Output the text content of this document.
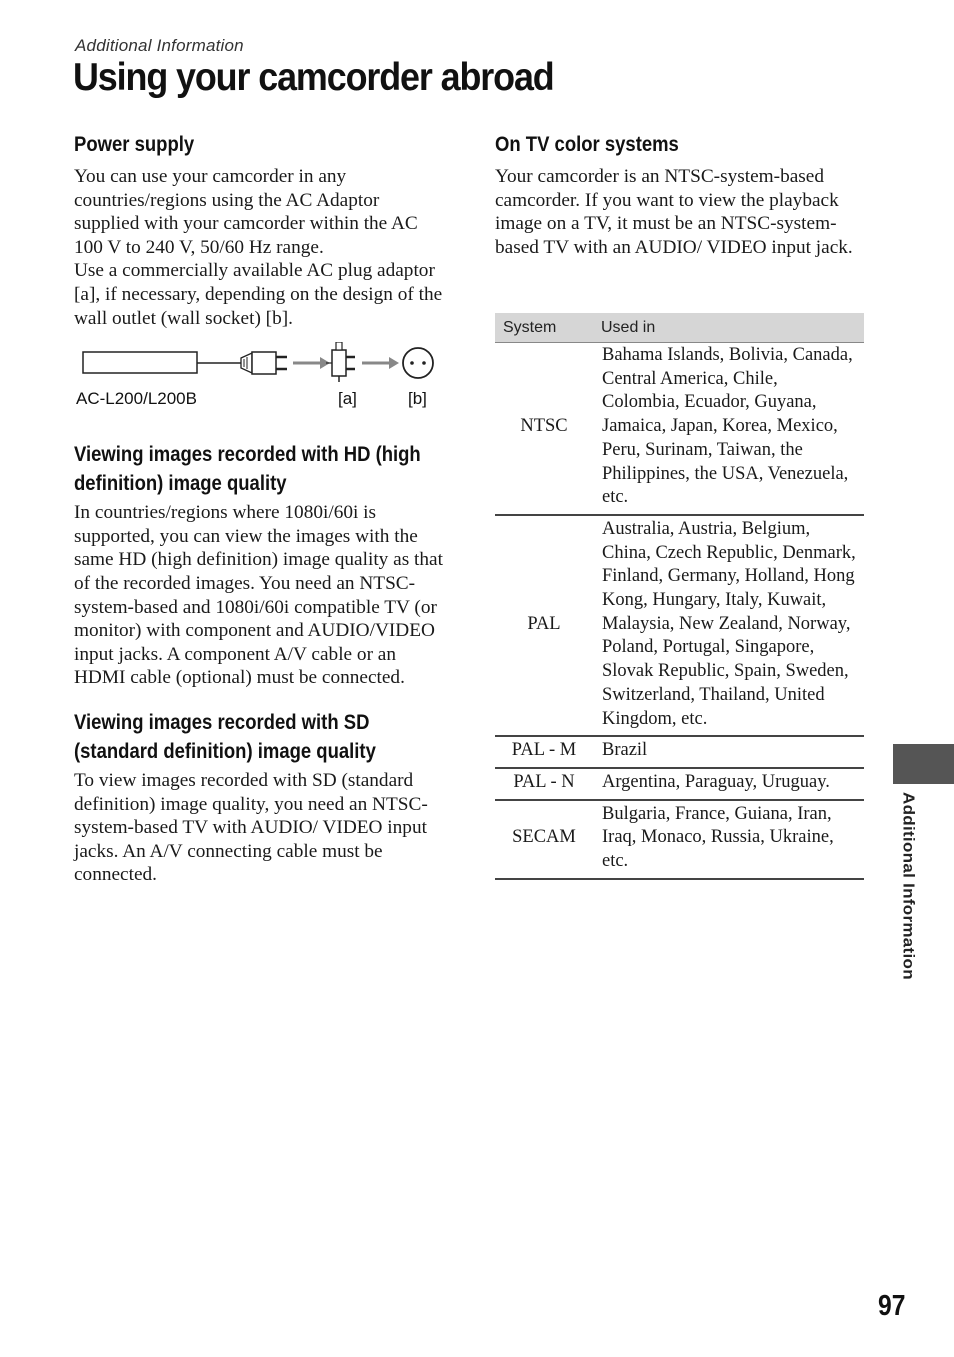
Additional Information
Using your camcorder abroad
Power supply

You can use your camcorder in any countries/regions using the AC Adaptor supplied with your camcorder within the AC 100 V to 240 V, 50/60 Hz range.
Use a commercially available AC plug adaptor [a], if necessary, depending on the design of the wall outlet (wall socket) [b].

AC-L200/L200B	[a]	[b]
Viewing images recorded with HD (high definition) image quality

In countries/regions where 1080i/60i is supported, you can view the images with the same HD (high definition) image quality as that of the recorded images. You need an NTSC-system-based and 1080i/60i compatible TV (or monitor) with component and AUDIO/VIDEO input jacks. A component A/V cable or an HDMI cable (optional) must be connected.

Viewing images recorded with SD (standard definition) image quality

To view images recorded with SD (standard definition) image quality, you need an NTSC-system-based TV with AUDIO/ VIDEO input jacks. An A/V connecting cable must be connected.

On TV color systems

Your camcorder is an NTSC-system-based camcorder. If you want to view the playback image on a TV, it must be an NTSC-system-based TV with an AUDIO/ VIDEO input jack.

System	Used in
NTSC	Bahama Islands, Bolivia, Canada, Central America, Chile, Colombia, Ecuador, Guyana, Jamaica, Japan, Korea, Mexico, Peru, Surinam, Taiwan, the Philippines, the USA, Venezuela, etc.
PAL	Australia, Austria, Belgium, China, Czech Republic, Denmark, Finland, Germany, Holland, Hong Kong, Hungary, Italy, Kuwait, Malaysia, New Zealand, Norway, Poland, Portugal, Singapore, Slovak Republic, Spain, Sweden, Switzerland, Thailand, United Kingdom, etc.
PAL - M	Brazil
PAL - N	Argentina, Paraguay, Uruguay.
SECAM	Bulgaria, France, Guiana, Iran, Iraq, Monaco, Russia, Ukraine, etc.	Additional Information
97
